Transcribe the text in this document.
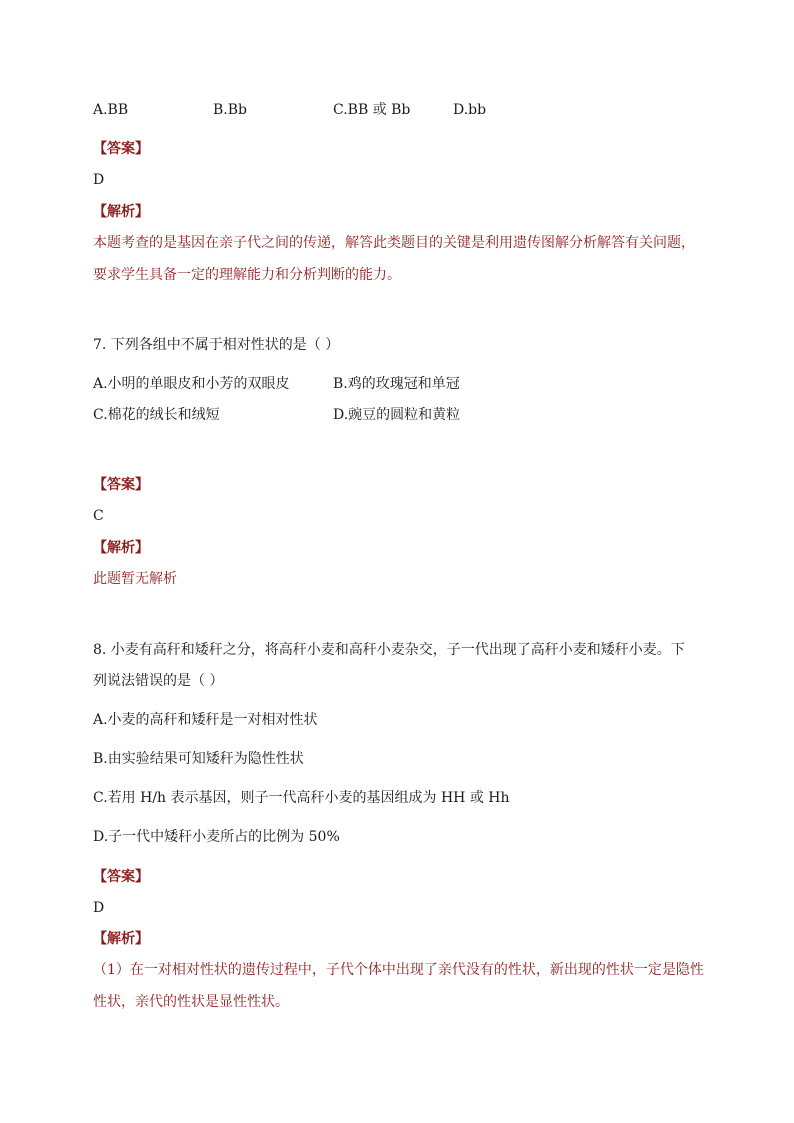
A.BB	B.Bb	C.BB 或 Bb	D.bb
【答案】
D
【解析】
本题考查的是基因在亲子代之间的传递，解答此类题目的关键是利用遗传图解分析解答有关问题，
要求学生具备一定的理解能力和分析判断的能力。
7. 下列各组中不属于相对性状的是（ ）
A.小明的单眼皮和小芳的双眼皮	B.鸡的玫瑰冠和单冠
C.棉花的绒长和绒短	D.豌豆的圆粒和黄粒
【答案】
C
【解析】
此题暂无解析
8. 小麦有高秆和矮秆之分，将高秆小麦和高秆小麦杂交，子一代出现了高秆小麦和矮秆小麦。下
列说法错误的是（ ）
A.小麦的高秆和矮秆是一对相对性状
B.由实验结果可知矮秆为隐性性状
C.若用 H/h 表示基因，则子一代高秆小麦的基因组成为 HH 或 Hh
D.子一代中矮秆小麦所占的比例为 50%
【答案】
D
【解析】
（1）在一对相对性状的遗传过程中，子代个体中出现了亲代没有的性状，新出现的性状一定是隐性
性状，亲代的性状是显性性状。
